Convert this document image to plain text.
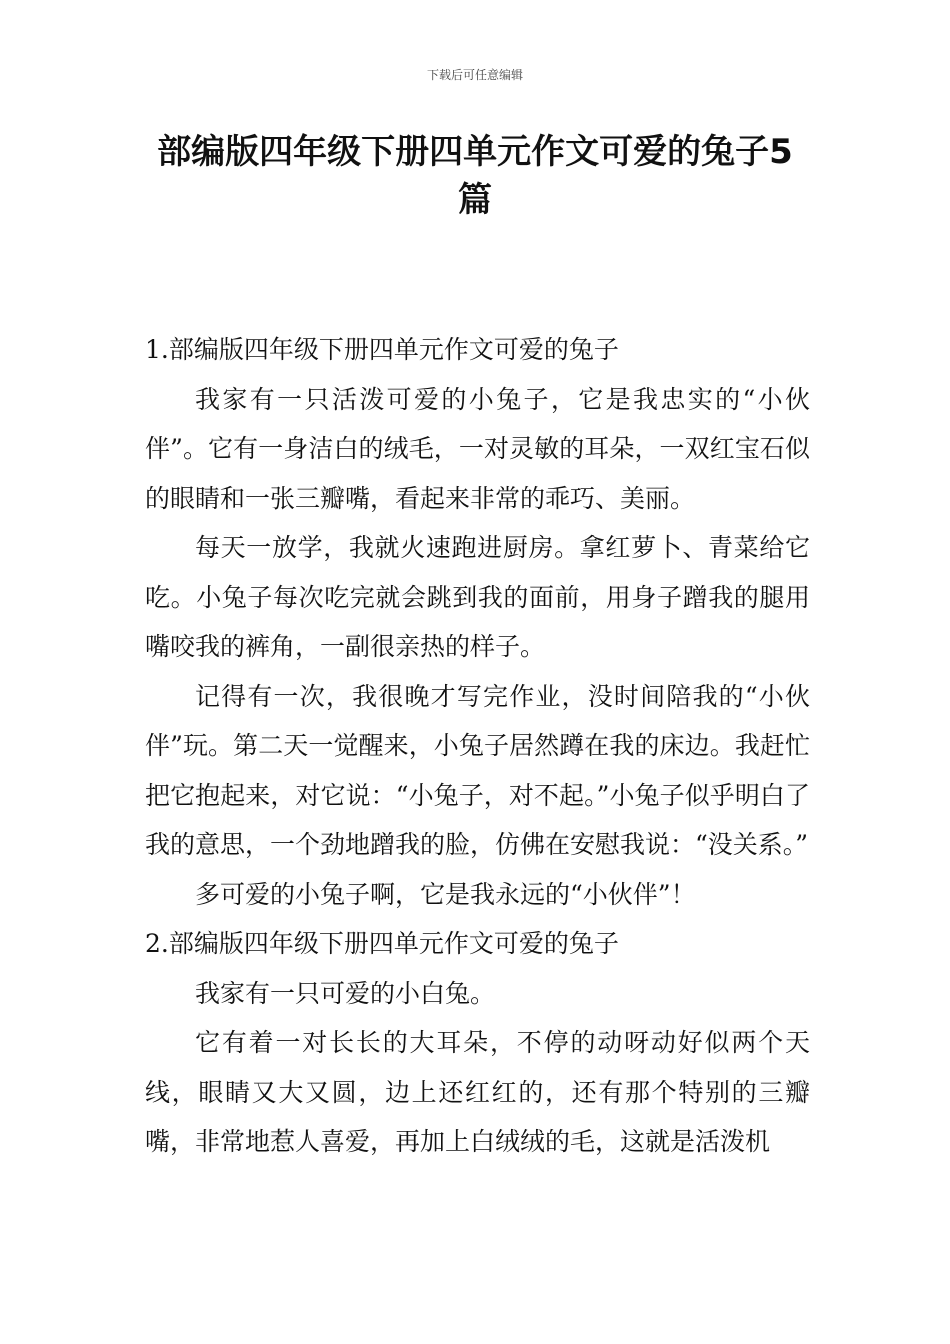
下载后可任意编辑
部编版四年级下册四单元作文可爱的兔子5
篇

1.部编版四年级下册四单元作文可爱的兔子

我家有一只活泼可爱的小兔子，它是我忠实的“小伙伴”。它有一身洁白的绒毛，一对灵敏的耳朵，一双红宝石似的眼睛和一张三瓣嘴，看起来非常的乖巧、美丽。

每天一放学，我就火速跑进厨房。拿红萝卜、青菜给它吃。小兔子每次吃完就会跳到我的面前，用身子蹭我的腿用嘴咬我的裤角，一副很亲热的样子。

记得有一次，我很晚才写完作业，没时间陪我的“小伙伴”玩。第二天一觉醒来，小兔子居然蹲在我的床边。我赶忙把它抱起来，对它说：“小兔子，对不起。”小兔子似乎明白了我的意思，一个劲地蹭我的脸，仿佛在安慰我说：“没关系。”

多可爱的小兔子啊，它是我永远的“小伙伴”！

2.部编版四年级下册四单元作文可爱的兔子

我家有一只可爱的小白兔。

它有着一对长长的大耳朵，不停的动呀动好似两个天线，眼睛又大又圆，边上还红红的，还有那个特别的三瓣嘴，非常地惹人喜爱，再加上白绒绒的毛，这就是活泼机
